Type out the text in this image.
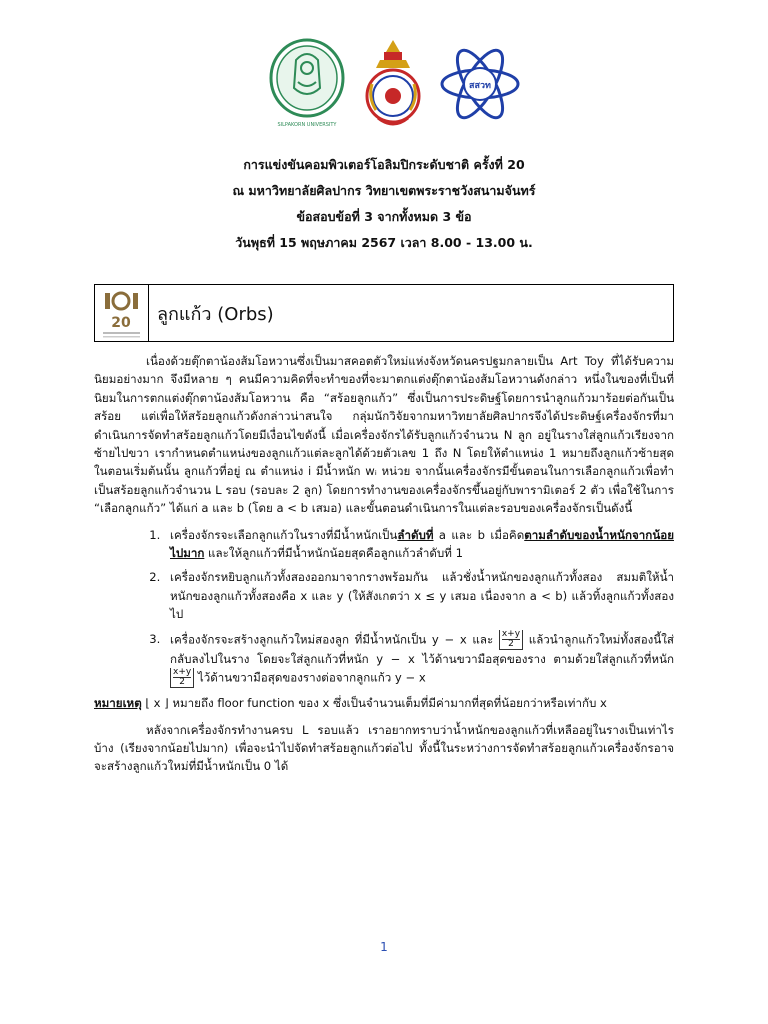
SILPAKORN UNIVERSITY
สสวท
การแข่งขันคอมพิวเตอร์โอลิมปิกระดับชาติ ครั้งที่ 20
ณ มหาวิทยาลัยศิลปากร วิทยาเขตพระราชวังสนามจันทร์
ข้อสอบข้อที่ 3 จากทั้งหมด 3 ข้อ
วันพุธที่ 15 พฤษภาคม 2567 เวลา 8.00 - 13.00 น.
20 ลูกแก้ว (Orbs)

เนื่องด้วยตุ๊กตาน้องส้มโอหวานซึ่งเป็นมาสคอตตัวใหม่แห่งจังหวัดนครปฐมกลายเป็น Art Toy ที่ได้รับความนิยมอย่างมาก จึงมีหลาย ๆ คนมีความคิดที่จะทำของที่จะมาตกแต่งตุ๊กตาน้องส้มโอหวานดังกล่าว หนึ่งในของที่เป็นที่นิยมในการตกแต่งตุ๊กตาน้องส้มโอหวาน คือ “สร้อยลูกแก้ว” ซึ่งเป็นการประดิษฐ์โดยการนำลูกแก้วมาร้อยต่อกันเป็นสร้อย แต่เพื่อให้สร้อยลูกแก้วดังกล่าวน่าสนใจ กลุ่มนักวิจัยจากมหาวิทยาลัยศิลปากรจึงได้ประดิษฐ์เครื่องจักรที่มาดำเนินการจัดทำสร้อยลูกแก้วโดยมีเงื่อนไขดังนี้ เมื่อเครื่องจักรได้รับลูกแก้วจำนวน N ลูก อยู่ในรางใส่ลูกแก้วเรียงจากซ้ายไปขวา เรากำหนดตำแหน่งของลูกแก้วแต่ละลูกได้ด้วยตัวเลข 1 ถึง N โดยให้ตำแหน่ง 1 หมายถึงลูกแก้วซ้ายสุด ในตอนเริ่มต้นนั้น ลูกแก้วที่อยู่ ณ ตำแหน่ง i มีน้ำหนัก wᵢ หน่วย จากนั้นเครื่องจักรมีขั้นตอนในการเลือกลูกแก้วเพื่อทำเป็นสร้อยลูกแก้วจำนวน L รอบ (รอบละ 2 ลูก) โดยการทำงานของเครื่องจักรขึ้นอยู่กับพารามิเตอร์ 2 ตัว เพื่อใช้ในการ “เลือกลูกแก้ว” ได้แก่ a และ b (โดย a < b เสมอ) และขั้นตอนดำเนินการในแต่ละรอบของเครื่องจักรเป็นดังนี้

1. เครื่องจักรจะเลือกลูกแก้วในรางที่มีน้ำหนักเป็นลำดับที่ a และ b เมื่อคิดตามลำดับของน้ำหนักจากน้อยไปมาก และให้ลูกแก้วที่มีน้ำหนักน้อยสุดคือลูกแก้วลำดับที่ 1
2. เครื่องจักรหยิบลูกแก้วทั้งสองออกมาจากรางพร้อมกัน แล้วชั่งน้ำหนักของลูกแก้วทั้งสอง สมมติให้น้ำหนักของลูกแก้วทั้งสองคือ x และ y (ให้สังเกตว่า x ≤ y เสมอ เนื่องจาก a < b) แล้วทิ้งลูกแก้วทั้งสองไป
3. เครื่องจักรจะสร้างลูกแก้วใหม่สองลูก ที่มีน้ำหนักเป็น y − x และ $\frac{x+y}{2}$ แล้วนำลูกแก้วใหม่ทั้งสองนี้ใส่กลับลงไปในราง โดยจะใส่ลูกแก้วที่หนัก y − x ไว้ด้านขวามือสุดของราง ตามด้วยใส่ลูกแก้วที่หนัก
$\frac{x+y}{2}$ ไว้ด้านขวามือสุดของรางต่อจากลูกแก้ว y − x

หมายเหตุ ⌊ x ⌋ หมายถึง floor function ของ x ซึ่งเป็นจำนวนเต็มที่มีค่ามากที่สุดที่น้อยกว่าหรือเท่ากับ x

หลังจากเครื่องจักรทำงานครบ L รอบแล้ว เราอยากทราบว่าน้ำหนักของลูกแก้วที่เหลืออยู่ในรางเป็นเท่าไรบ้าง (เรียงจากน้อยไปมาก) เพื่อจะนำไปจัดทำสร้อยลูกแก้วต่อไป ทั้งนี้ในระหว่างการจัดทำสร้อยลูกแก้วเครื่องจักรอาจจะสร้างลูกแก้วใหม่ที่มีน้ำหนักเป็น 0 ได้

1
